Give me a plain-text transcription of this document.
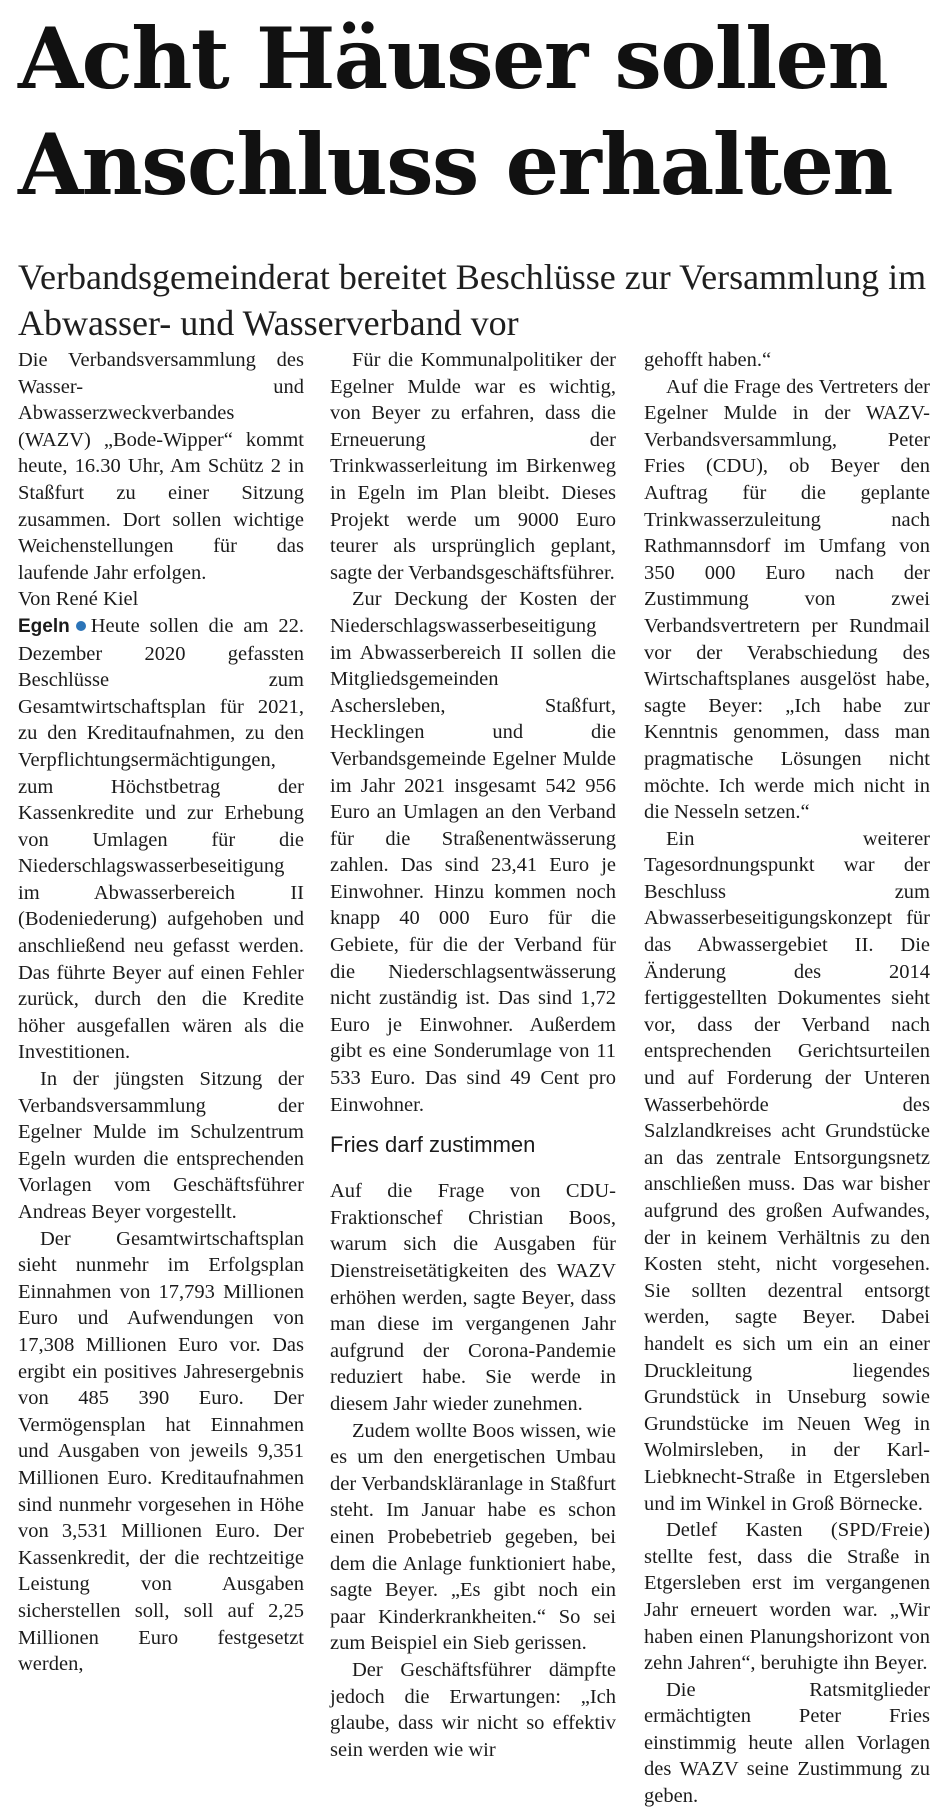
Acht Häuser sollen Anschluss erhalten
Verbandsgemeinderat bereitet Beschlüsse zur Versammlung im Abwasser- und Wasserverband vor

Die Verbandsversammlung des Wasser- und Abwasserzweckverbandes (WAZV) „Bode-Wipper“ kommt heute, 16.30 Uhr, Am Schütz 2 in Staßfurt zu einer Sitzung zusammen. Dort sollen wichtige Weichenstellungen für das laufende Jahr erfolgen.

Von René Kiel

Egeln Heute sollen die am 22. Dezember 2020 gefassten Beschlüsse zum Gesamtwirtschaftsplan für 2021, zu den Kreditaufnahmen, zu den Verpflichtungsermächtigungen, zum Höchstbetrag der Kassenkredite und zur Erhebung von Umlagen für die Niederschlagswasserbeseitigung im Abwasserbereich II (Bodeniederung) aufgehoben und anschließend neu gefasst werden. Das führte Beyer auf einen Fehler zurück, durch den die Kredite höher ausgefallen wären als die Investitionen.

In der jüngsten Sitzung der Verbandsversammlung der Egelner Mulde im Schulzentrum Egeln wurden die entsprechenden Vorlagen vom Geschäftsführer Andreas Beyer vorgestellt.

Der Gesamtwirtschaftsplan sieht nunmehr im Erfolgsplan Einnahmen von 17,793 Millionen Euro und Aufwendungen von 17,308 Millionen Euro vor. Das ergibt ein positives Jahresergebnis von 485 390 Euro. Der Vermögensplan hat Einnahmen und Ausgaben von jeweils 9,351 Millionen Euro. Kreditaufnahmen sind nunmehr vorgesehen in Höhe von 3,531 Millionen Euro. Der Kassenkredit, der die rechtzeitige Leistung von Ausgaben sicherstellen soll, soll auf 2,25 Millionen Euro festgesetzt werden,

Für die Kommunalpolitiker der Egelner Mulde war es wichtig, von Beyer zu erfahren, dass die Erneuerung der Trinkwasserleitung im Birkenweg in Egeln im Plan bleibt. Dieses Projekt werde um 9000 Euro teurer als ursprünglich geplant, sagte der Verbandsgeschäftsführer.

Zur Deckung der Kosten der Niederschlagswasserbeseitigung im Abwasserbereich II sollen die Mitgliedsgemeinden Aschersleben, Staßfurt, Hecklingen und die Verbandsgemeinde Egelner Mulde im Jahr 2021 insgesamt 542 956 Euro an Umlagen an den Verband für die Straßenentwässerung zahlen. Das sind 23,41 Euro je Einwohner. Hinzu kommen noch knapp 40 000 Euro für die Gebiete, für die der Verband für die Niederschlagsentwässerung nicht zuständig ist. Das sind 1,72 Euro je Einwohner. Außerdem gibt es eine Sonderumlage von 11 533 Euro. Das sind 49 Cent pro Einwohner.

Fries darf zustimmen

Auf die Frage von CDU-Fraktionschef Christian Boos, warum sich die Ausgaben für Dienstreisetätigkeiten des WAZV erhöhen werden, sagte Beyer, dass man diese im vergangenen Jahr aufgrund der Corona-Pandemie reduziert habe. Sie werde in diesem Jahr wieder zunehmen.

Zudem wollte Boos wissen, wie es um den energetischen Umbau der Verbandskläranlage in Staßfurt steht. Im Januar habe es schon einen Probebetrieb gegeben, bei dem die Anlage funktioniert habe, sagte Beyer. „Es gibt noch ein paar Kinderkrankheiten.“ So sei zum Beispiel ein Sieb gerissen.

Der Geschäftsführer dämpfte jedoch die Erwartungen: „Ich glaube, dass wir nicht so effektiv sein werden wie wir

gehofft haben.“

Auf die Frage des Vertreters der Egelner Mulde in der WAZV-Verbandsversammlung, Peter Fries (CDU), ob Beyer den Auftrag für die geplante Trinkwasserzuleitung nach Rathmannsdorf im Umfang von 350 000 Euro nach der Zustimmung von zwei Verbandsvertretern per Rundmail vor der Verabschiedung des Wirtschaftsplanes ausgelöst habe, sagte Beyer: „Ich habe zur Kenntnis genommen, dass man pragmatische Lösungen nicht möchte. Ich werde mich nicht in die Nesseln setzen.“

Ein weiterer Tagesordnungspunkt war der Beschluss zum Abwasserbeseitigungskonzept für das Abwassergebiet II. Die Änderung des 2014 fertiggestellten Dokumentes sieht vor, dass der Verband nach entsprechenden Gerichtsurteilen und auf Forderung der Unteren Wasserbehörde des Salzlandkreises acht Grundstücke an das zentrale Entsorgungsnetz anschließen muss. Das war bisher aufgrund des großen Aufwandes, der in keinem Verhältnis zu den Kosten steht, nicht vorgesehen. Sie sollten dezentral entsorgt werden, sagte Beyer. Dabei handelt es sich um ein an einer Druckleitung liegendes Grundstück in Unseburg sowie Grundstücke im Neuen Weg in Wolmirsleben, in der Karl-Liebknecht-Straße in Etgersleben und im Winkel in Groß Börnecke.

Detlef Kasten (SPD/Freie) stellte fest, dass die Straße in Etgersleben erst im vergangenen Jahr erneuert worden war. „Wir haben einen Planungshorizont von zehn Jahren“, beruhigte ihn Beyer.

Die Ratsmitglieder ermächtigten Peter Fries einstimmig heute allen Vorlagen des WAZV seine Zustimmung zu geben.
